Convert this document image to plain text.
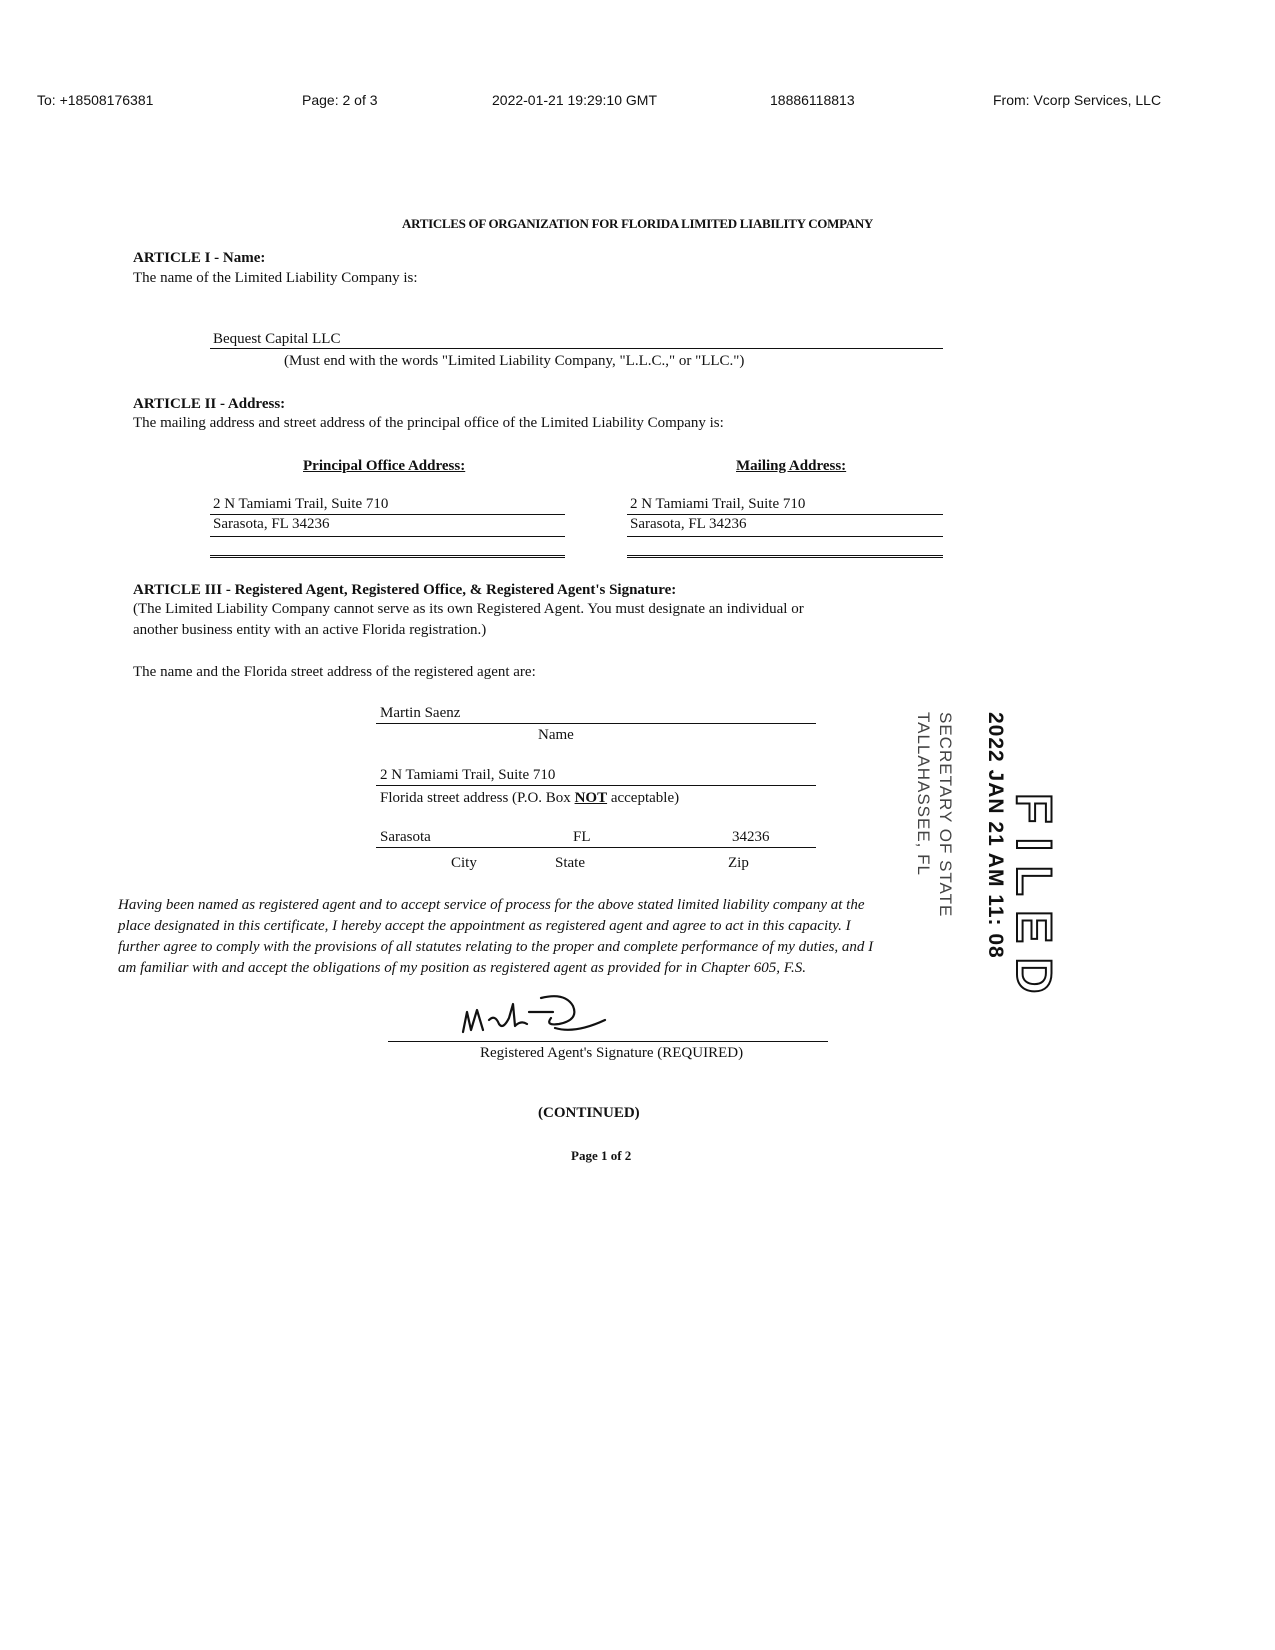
To: +18508176381	Page: 2 of 3	2022-01-21 19:29:10 GMT	18886118813	From: Vcorp Services, LLC
ARTICLES OF ORGANIZATION FOR FLORIDA LIMITED LIABILITY COMPANY
ARTICLE I - Name:
The name of the Limited Liability Company is:
Bequest Capital LLC
(Must end with the words "Limited Liability Company, "L.L.C.," or "LLC.")
ARTICLE II - Address:
The mailing address and street address of the principal office of the Limited Liability Company is:
Principal Office Address:	Mailing Address:
2 N Tamiami Trail, Suite 710
Sarasota, FL 34236
2 N Tamiami Trail, Suite 710
Sarasota, FL 34236
ARTICLE III - Registered Agent, Registered Office, & Registered Agent's Signature:
(The Limited Liability Company cannot serve as its own Registered Agent. You must designate an individual or
another business entity with an active Florida registration.)
The name and the Florida street address of the registered agent are:
Martin Saenz
Name
2 N Tamiami Trail, Suite 710
Florida street address (P.O. Box NOT acceptable)
Sarasota	FL	34236
City	State	Zip
Having been named as registered agent and to accept service of process for the above stated limited liability company at the
place designated in this certificate, I hereby accept the appointment as registered agent and agree to act in this capacity. I
further agree to comply with the provisions of all statutes relating to the proper and complete performance of my duties, and I
am familiar with and accept the obligations of my position as registered agent as provided for in Chapter 605, F.S.
Registered Agent's Signature (REQUIRED)
(CONTINUED)
Page 1 of 2
2022 JAN 21 AM 11: 08
SECRETARY OF STATE
TALLAHASSEE, FL FILED
